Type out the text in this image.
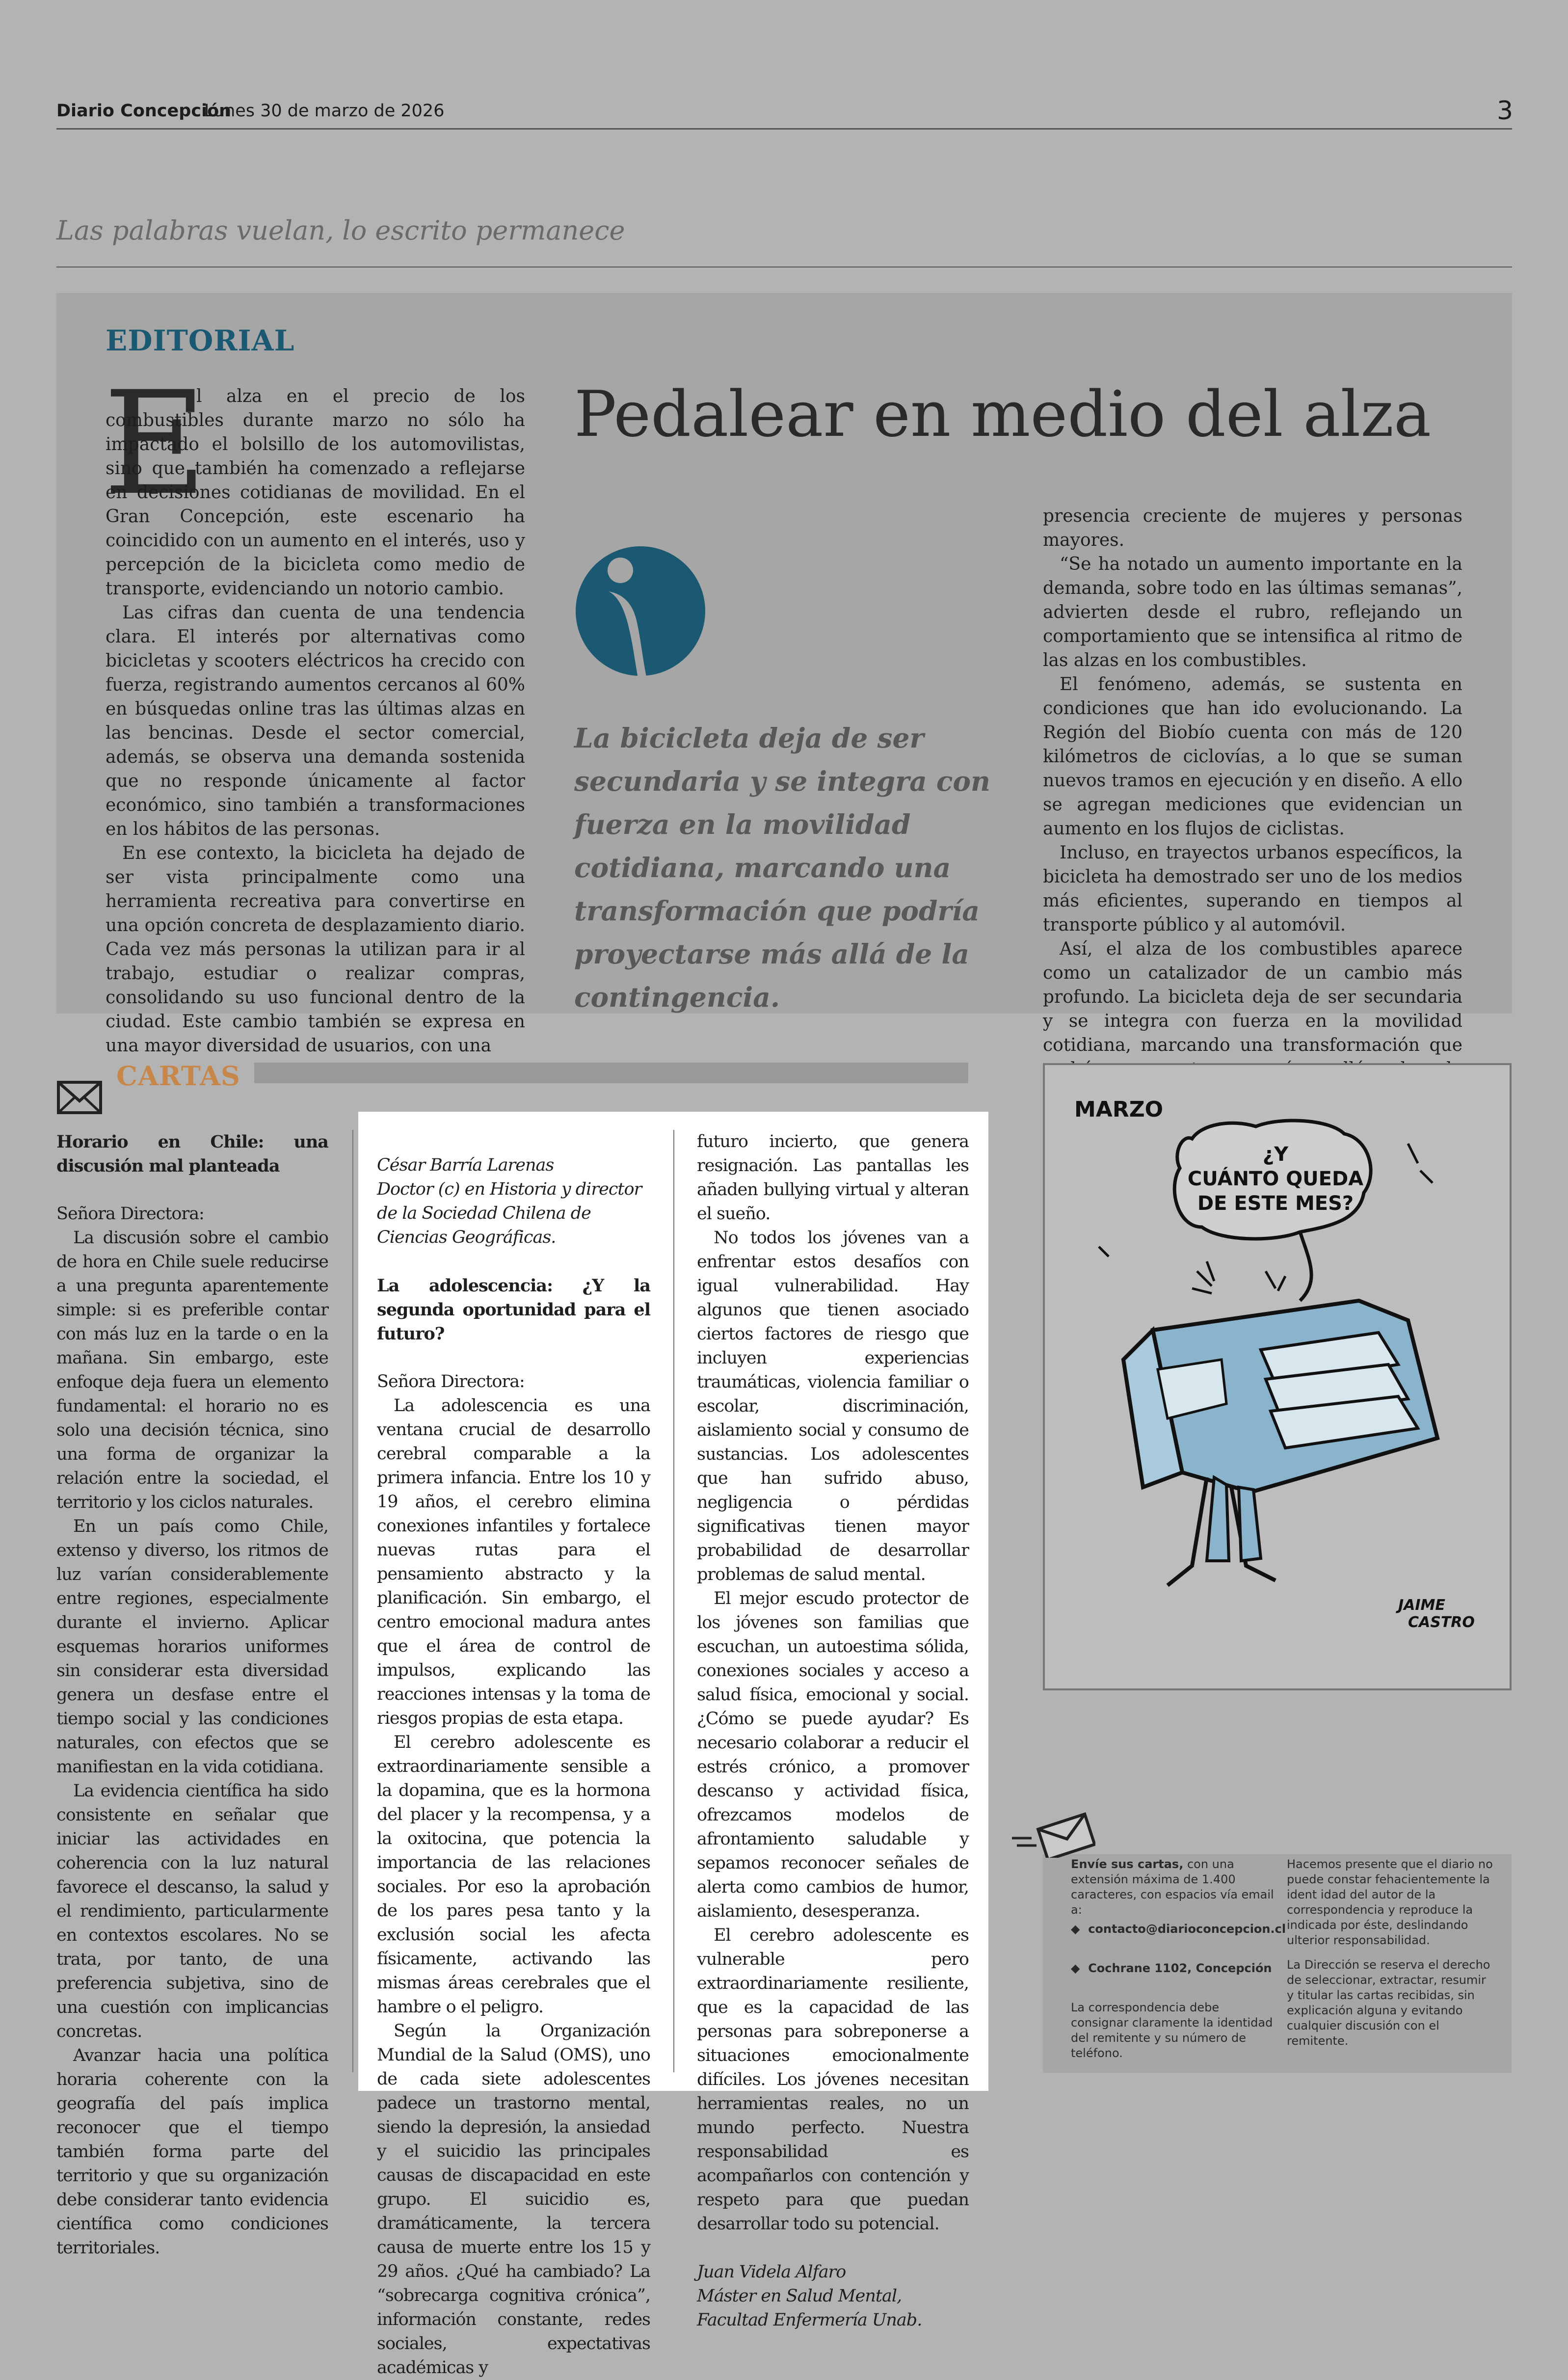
Diario Concepción
Lunes 30 de marzo de 2026	3
Las palabras vuelan, lo escrito permanece
EDITORIAL
Pedalear en medio del alza
E

l alza en el precio de los combustibles durante marzo no sólo ha impactado el bolsillo de los automovilistas, sino que también ha comenzado a reflejarse en decisiones cotidianas de movilidad. En el Gran Concepción, este escenario ha coincidido con un aumento en el interés, uso y percepción de la bicicleta como medio de transporte, evidenciando un notorio cambio.

Las cifras dan cuenta de una tendencia clara. El interés por alternativas como bicicletas y scooters eléctricos ha crecido con fuerza, registrando aumentos cercanos al 60% en búsquedas online tras las últimas alzas en las bencinas. Desde el sector comercial, además, se observa una demanda sostenida que no responde únicamente al factor económico, sino también a transformaciones en los hábitos de las personas.

En ese contexto, la bicicleta ha dejado de ser vista principalmente como una herramienta recreativa para convertirse en una opción concreta de desplazamiento diario. Cada vez más personas la utilizan para ir al trabajo, estudiar o realizar compras, consolidando su uso funcional dentro de la ciudad. Este cambio también se expresa en una mayor diversidad de usuarios, con una

La bicicleta deja de ser secundaria y se integra con fuerza en la movilidad cotidiana, marcando una transformación que podría proyectarse más allá de la contingencia.

presencia creciente de mujeres y personas mayores.

“Se ha notado un aumento importante en la demanda, sobre todo en las últimas semanas”, advierten desde el rubro, reflejando un comportamiento que se intensifica al ritmo de las alzas en los combustibles.

El fenómeno, además, se sustenta en condiciones que han ido evolucionando. La Región del Biobío cuenta con más de 120 kilómetros de ciclovías, a lo que se suman nuevos tramos en ejecución y en diseño. A ello se agregan mediciones que evidencian un aumento en los flujos de ciclistas.

Incluso, en trayectos urbanos específicos, la bicicleta ha demostrado ser uno de los medios más eficientes, superando en tiempos al transporte público y al automóvil.

Así, el alza de los combustibles aparece como un catalizador de un cambio más profundo. La bicicleta deja de ser secundaria y se integra con fuerza en la movilidad cotidiana, marcando una transformación que

CARTAS

Horario en Chile: una discusión mal planteada

Señora Directora:

La discusión sobre el cambio de hora en Chile suele reducirse a una pregunta aparentemente simple: si es preferible contar con más luz en la tarde o en la mañana. Sin embargo, este enfoque deja fuera un elemento fundamental: el horario no es solo una decisión técnica, sino una forma de organizar la relación entre la sociedad, el territorio y los ciclos naturales.

En un país como Chile, extenso y diverso, los ritmos de luz varían considerablemente entre regiones, especialmente durante el invierno. Aplicar esquemas horarios uniformes sin considerar esta diversidad genera un desfase entre el tiempo social y las condiciones naturales, con efectos que se manifiestan en la vida cotidiana.

La evidencia científica ha sido consistente en señalar que iniciar las actividades en coherencia con la luz natural favorece el descanso, la salud y el rendimiento, particularmente en contextos escolares. No se trata, por tanto, de una preferencia subjetiva, sino de una cuestión con implicancias concretas.

Avanzar hacia una política horaria coherente con la geografía del país implica reconocer que el tiempo también forma parte del territorio y que su organización debe considerar tanto evidencia científica como condiciones territoriales.

César Barría Larenas

Doctor (c) en Historia y director de la Sociedad Chilena de Ciencias Geográficas.

La adolescencia: ¿Y la segunda oportunidad para el futuro?

Señora Directora:

La adolescencia es una ventana crucial de desarrollo cerebral comparable a la primera infancia. Entre los 10 y 19 años, el cerebro elimina conexiones infantiles y fortalece nuevas rutas para el pensamiento abstracto y la planificación. Sin embargo, el centro emocional madura antes que el área de control de impulsos, explicando las reacciones intensas y la toma de riesgos propias de esta etapa.

El cerebro adolescente es extraordinariamente sensible a la dopamina, que es la hormona del placer y la recompensa, y a la oxitocina, que potencia la importancia de las relaciones sociales. Por eso la aprobación de los pares pesa tanto y la exclusión social les afecta físicamente, activando las mismas áreas cerebrales que el hambre o el peligro.

Según la Organización Mundial de la Salud (OMS), uno de cada siete adolescentes padece un trastorno mental, siendo la depresión, la ansiedad y el suicidio las principales causas de discapacidad en este grupo. El suicidio es, dramáticamente, la tercera causa de muerte entre los 15 y 29 años. ¿Qué ha cambiado? La “sobrecarga cognitiva crónica”, información constante, redes sociales, expectativas académicas y

futuro incierto, que genera resignación. Las pantallas les añaden bullying virtual y alteran el sueño.

No todos los jóvenes van a enfrentar estos desafíos con igual vulnerabilidad. Hay algunos que tienen asociado ciertos factores de riesgo que incluyen experiencias traumáticas, violencia familiar o escolar, discriminación, aislamiento social y consumo de sustancias. Los adolescentes que han sufrido abuso, negligencia o pérdidas significativas tienen mayor probabilidad de desarrollar problemas de salud mental.

El mejor escudo protector de los jóvenes son familias que escuchan, un autoestima sólida, conexiones sociales y acceso a salud física, emocional y social. ¿Cómo se puede ayudar? Es necesario colaborar a reducir el estrés crónico, a promover descanso y actividad física, ofrezcamos modelos de afrontamiento saludable y sepamos reconocer señales de alerta como cambios de humor, aislamiento, desesperanza.

El cerebro adolescente es vulnerable pero extraordinariamente resiliente, que es la capacidad de las personas para sobreponerse a situaciones emocionalmente difíciles. Los jóvenes necesitan herramientas reales, no un mundo perfecto. Nuestra responsabilidad es acompañarlos con contención y respeto para que puedan desarrollar todo su potencial.

Juan Videla Alfaro

Máster en Salud Mental, Facultad Enfermería Unab.

MARZO
¿Y
CUÁNTO QUEDA
DE ESTE MES?
JAIME
CASTRO
Envíe sus cartas, con una extensión máxima de 1.400 caracteres, con espacios vía email a:
◆ contacto@diarioconcepcion.cl
◆ Cochrane 1102, Concepción
La correspondencia debe consignar claramente la identidad del remitente y su número de teléfono.
Hacemos presente que el diario no puede constar fehacientemente la ident idad del autor de la correspondencia y reproduce la indicada por éste, deslindando ulterior responsabilidad.
La Dirección se reserva el derecho de seleccionar, extractar, resumir y titular las cartas recibidas, sin explicación alguna y evitando cualquier discusión con el remitente.
